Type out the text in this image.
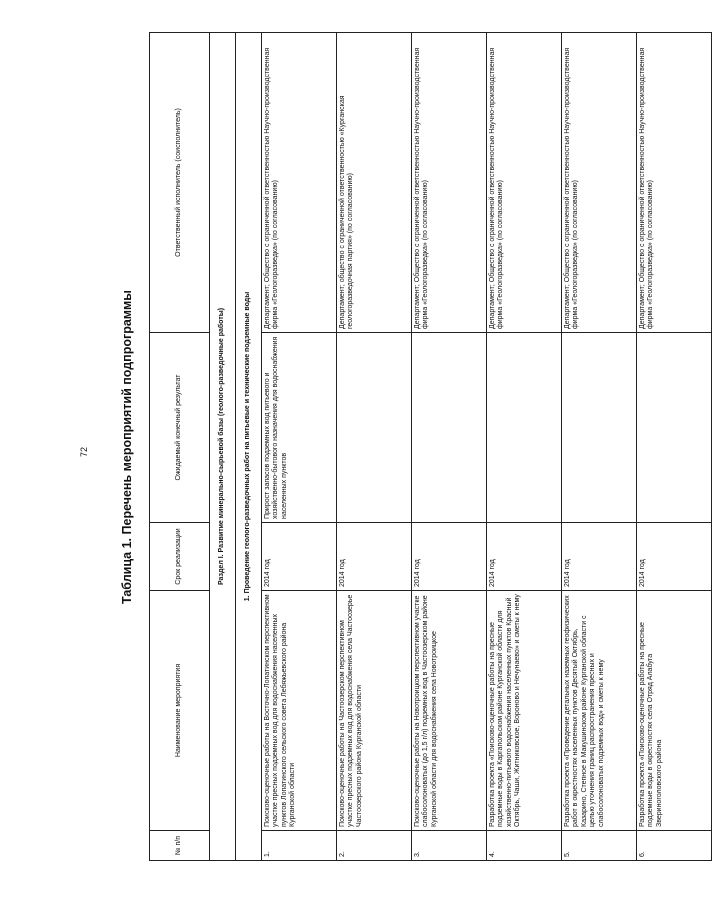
72	Таблица 1. Перечень мероприятий подпрограммы
№ п/п	Наименование мероприятия	Срок реализации	Ожидаемый конечный результат	Ответственный исполнитель (соисполнитель)
Раздел I. Развитие минерально-сырьевой базы (геолого-разведочные работы)				
1. Проведение геолого-разведочных работ на питьевые и технические подземные воды				
1.	Поисково-оценочные работы на Восточно-Лопатинском перспективном участке пресных подземных вод для водоснабжения населенных пунктов Лопатинского сельского совета Лебяжьевского района Курганской области	2014 год	Прирост запасов подземных вод питьевого и хозяйственно-бытового назначения для водоснабжения населенных пунктов	Департамент; Общество с ограниченной ответственностью Научно-производственная фирма «Геологоразведка» (по согласованию)
2.	Поисково-оценочные работы на Частоозерском перспективном участке пресных подземных вод для водоснабжения села Частоозерье Частоозерского района Курганской области	2014 год		Департамент; общество с ограниченной ответственностью «Курганская геологоразведочная партия» (по согласованию)
3.	Поисково-оценочные работы на Новотроицком перспективном участке слабосолоноватых (до 1,5 г/л) подземных вод в Частоозерском районе Курганской области для водоснабжения села Новотроицкое	2014 год		Департамент; Общество с ограниченной ответственностью Научно-производственная фирма «Геологоразведка» (по согласованию)
4.	Разработка проекта «Поисково-оценочные работы на пресные подземные воды в Каргапольском районе Курганской области для хозяйственно-питьевого водоснабжения населенных пунктов Красный Октябрь, Чаши, Житниковское, Вороново и Нечунаево» и сметы к нему	2014 год		Департамент; Общество с ограниченной ответственностью Научно-производственная фирма «Геологоразведка» (по согласованию)
5.	Разработка проекта «Проведение детальных наземных геофизических работ в окрестностях населенных пунктов Десятый Октябрь, Казарино, Степное в Макушинском районе Курганской области с целью уточнения границ распространения пресных и слабосолоноватых подземных вод» и сметы к нему	2014 год		Департамент; Общество с ограниченной ответственностью Научно-производственная фирма «Геологоразведка» (по согласованию)
6.	Разработка проекта «Поисково-оценочные работы на пресные подземные воды в окрестностях села Отряд Алабуга Звериноголовского района	2014 год		Департамент; Общество с ограниченной ответственностью Научно-производственная фирма «Геологоразведка» (по согласованию)
